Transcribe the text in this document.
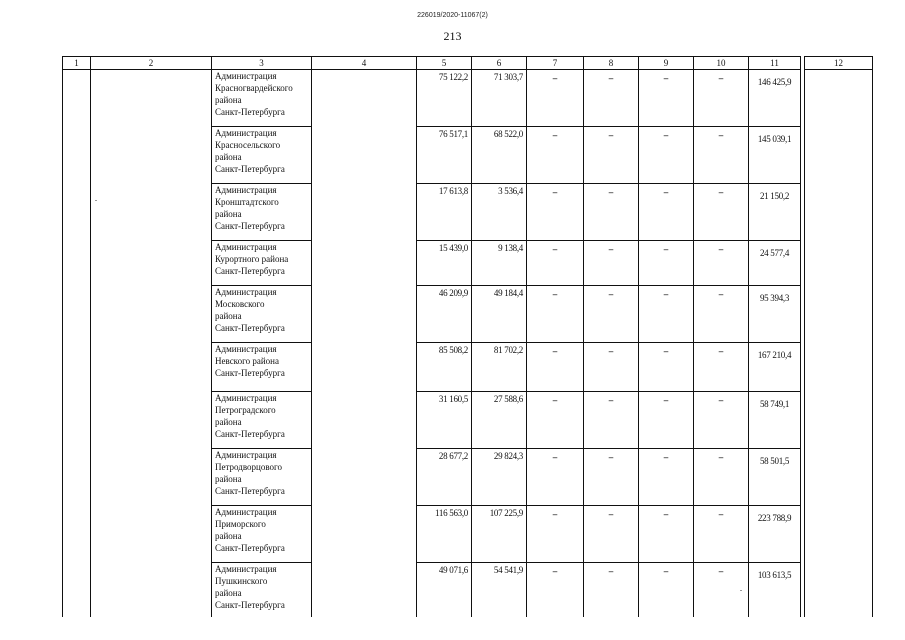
226019/2020-11067(2)
213
1	2	3	4	5	6	7	8	9	10	11		12
		Администрация
Красногвардейского
района
Санкт-Петербурга		75 122,2	71 303,7	–	–	–	–	146 425,9		
		Администрация
Красносельского
района
Санкт-Петербурга		76 517,1	68 522,0	–	–	–	–	145 039,1		
		Администрация
Кронштадтского
района
Санкт-Петербурга		17 613,8	3 536,4	–	–	–	–	21 150,2		
		Администрация
Курортного района
Санкт-Петербурга		15 439,0	9 138,4	–	–	–	–	24 577,4		
		Администрация
Московского
района
Санкт-Петербурга		46 209,9	49 184,4	–	–	–	–	95 394,3		
		Администрация
Невского района
Санкт-Петербурга		85 508,2	81 702,2	–	–	–	–	167 210,4		
		Администрация
Петроградского
района
Санкт-Петербурга		31 160,5	27 588,6	–	–	–	–	58 749,1		
		Администрация
Петродворцового
района
Санкт-Петербурга		28 677,2	29 824,3	–	–	–	–	58 501,5		
		Администрация
Приморского
района
Санкт-Петербурга		116 563,0	107 225,9	–	–	–	–	223 788,9		
		Администрация
Пушкинского
района
Санкт-Петербурга		49 071,6	54 541,9	–	–	–	–	103 613,5		
